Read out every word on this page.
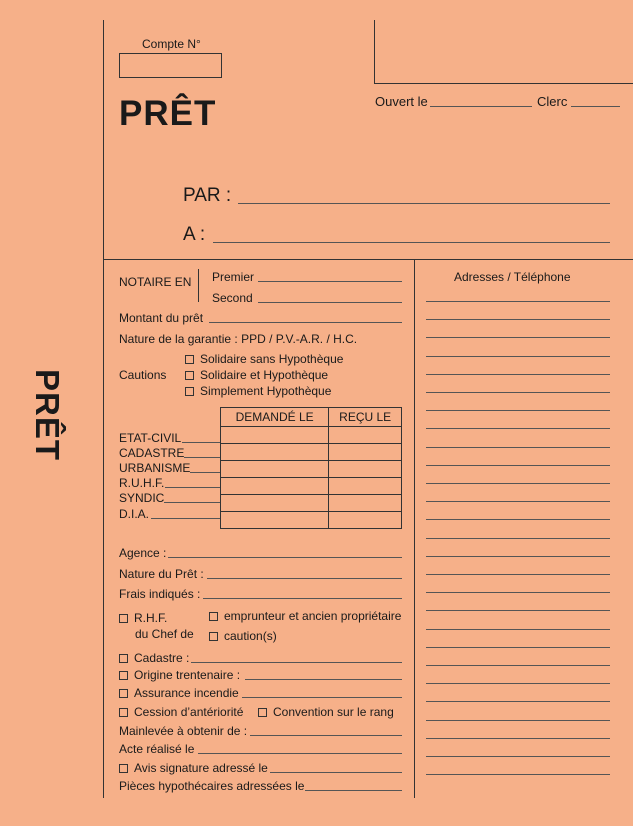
PRÊT
Compte N°
PRÊT	Ouvert le	Clerc
PAR :
A :
NOTAIRE EN Premier
Second
Montant du prêt
Nature de la garantie : PPD / P.V.-A.R. / H.C.
Cautions
Solidaire sans Hypothèque
Solidaire et Hypothèque
Simplement Hypothèque
DEMANDÉ LE	REÇU LE

ETAT-CIVIL
CADASTRE
URBANISME
R.U.H.F.
SYNDIC
D.I.A.
Agence :
Nature du Prêt :
Frais indiqués :
R.H.F.
du Chef de
emprunteur et ancien propriétaire
caution(s)
Cadastre :
Origine trentenaire :
Assurance incendie
Cession d’antériorité	Convention sur le rang
Mainlevée à obtenir de :
Acte réalisé le
Avis signature adressé le
Pièces hypothécaires adressées le
Adresses / Téléphone
